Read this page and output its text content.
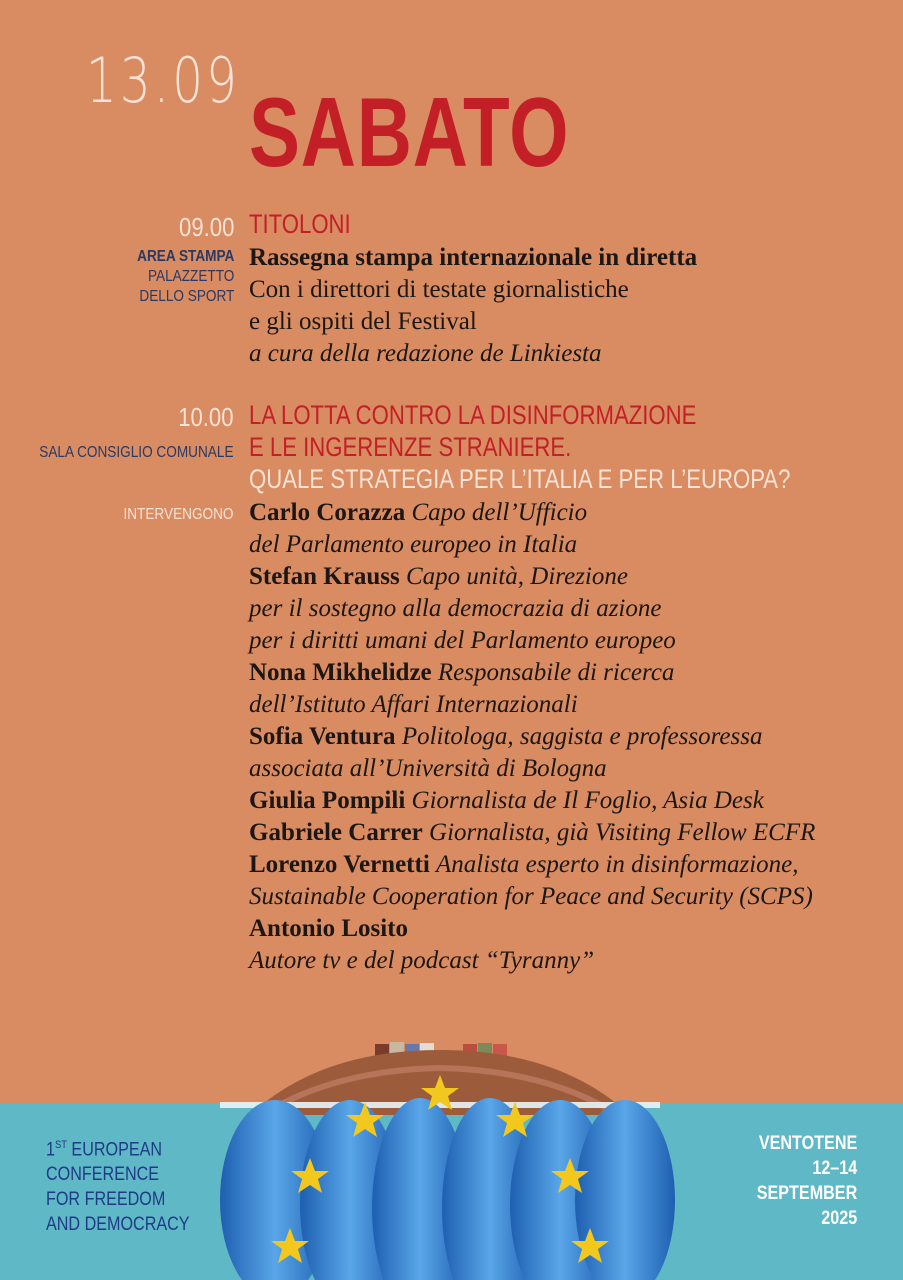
13.09 SABATO
09.00
AREA STAMPA
PALAZZETTO
DELLO SPORT
TITOLONI
Rassegna stampa internazionale in diretta
Con i direttori di testate giornalistiche
e gli ospiti del Festival
a cura della redazione de Linkiesta
10.00
SALA CONSIGLIO COMUNALE
INTERVENGONO
LA LOTTA CONTRO LA DISINFORMAZIONE
E LE INGERENZE STRANIERE.
QUALE STRATEGIA PER L’ITALIA E PER L’EUROPA?
Carlo Corazza Capo dell’Ufficio
del Parlamento europeo in Italia
Stefan Krauss Capo unità, Direzione
per il sostegno alla democrazia di azione
per i diritti umani del Parlamento europeo
Nona Mikhelidze Responsabile di ricerca
dell’Istituto Affari Internazionali
Sofia Ventura Politologa, saggista e professoressa
associata all’Università di Bologna
Giulia Pompili Giornalista de Il Foglio, Asia Desk
Gabriele Carrer Giornalista, già Visiting Fellow ECFR
Lorenzo Vernetti Analista esperto in disinformazione,
Sustainable Cooperation for Peace and Security (SCPS)
Antonio Losito
Autore tv e del podcast “Tyranny”
1ST EUROPEAN
CONFERENCE
FOR FREEDOM
AND DEMOCRACY
VENTOTENE
12–14
SEPTEMBER
2025
